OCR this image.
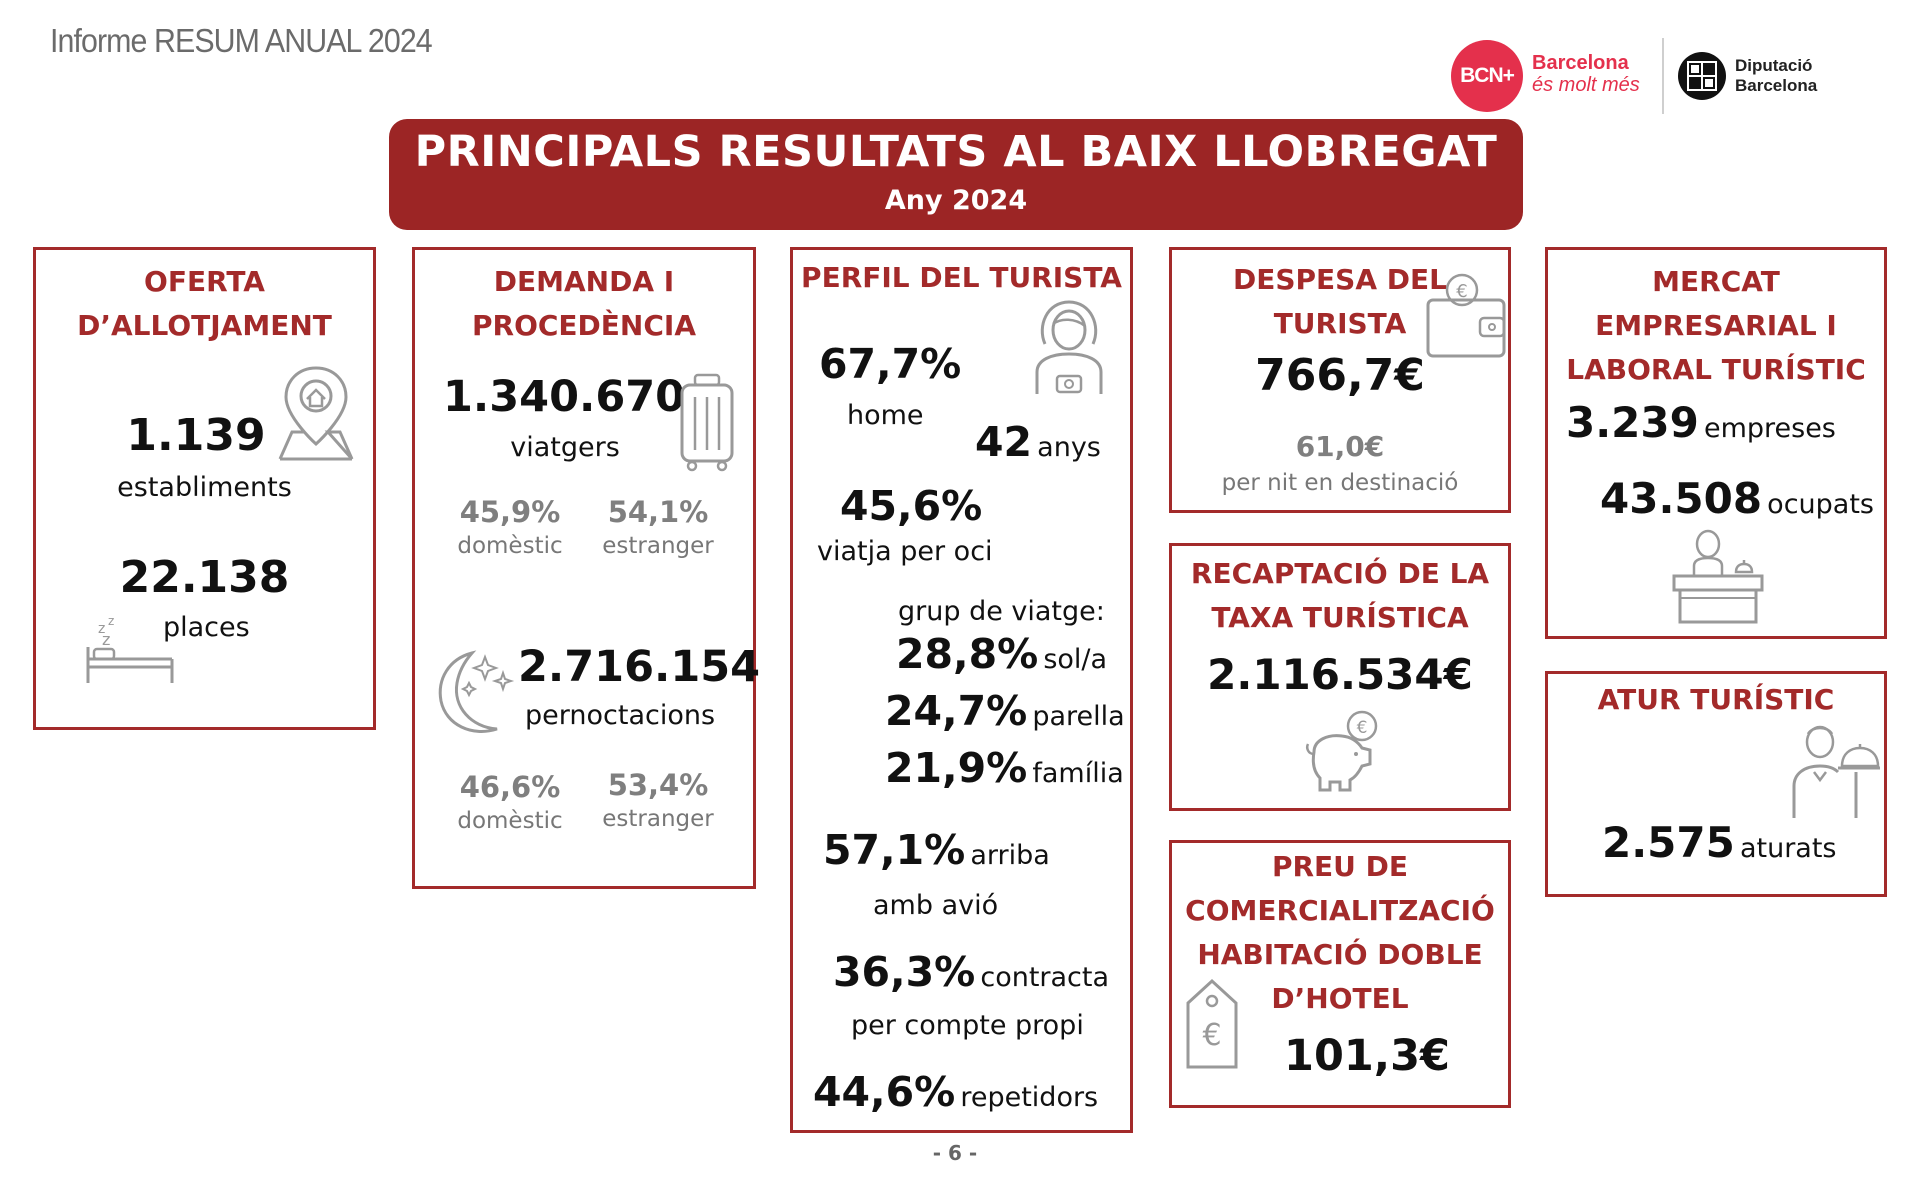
Informe RESUM ANUAL 2024
BCN+
Barcelona
és molt més
Diputació
Barcelona
PRINCIPALS RESULTATS AL BAIX LLOBREGAT
Any 2024
OFERTA
D’ALLOTJAMENT
1.139
establiments
22.138
z z
z places
DEMANDA I
PROCEDÈNCIA
1.340.670
viatgers
45,9%
domèstic
54,1%
estranger
2.716.154
pernoctacions
46,6%
domèstic
53,4%
estranger
PERFIL DEL TURISTA
67,7%
home
42 anys
45,6%
viatja per oci
grup de viatge:
28,8% sol/a
24,7% parella
21,9% família
57,1% arriba
amb avió
36,3% contracta
per compte propi
44,6% repetidors
DESPESA DEL
TURISTA
€
766,7€
61,0€
per nit en destinació
RECAPTACIÓ DE LA
TAXA TURÍSTICA
2.116.534€
€
PREU DE
COMERCIALITZACIÓ
HABITACIÓ DOBLE
D’HOTEL
€	101,3€
MERCAT
EMPRESARIAL I
LABORAL TURÍSTIC
3.239 empreses
43.508 ocupats
ATUR TURÍSTIC
2.575 aturats
- 6 -
